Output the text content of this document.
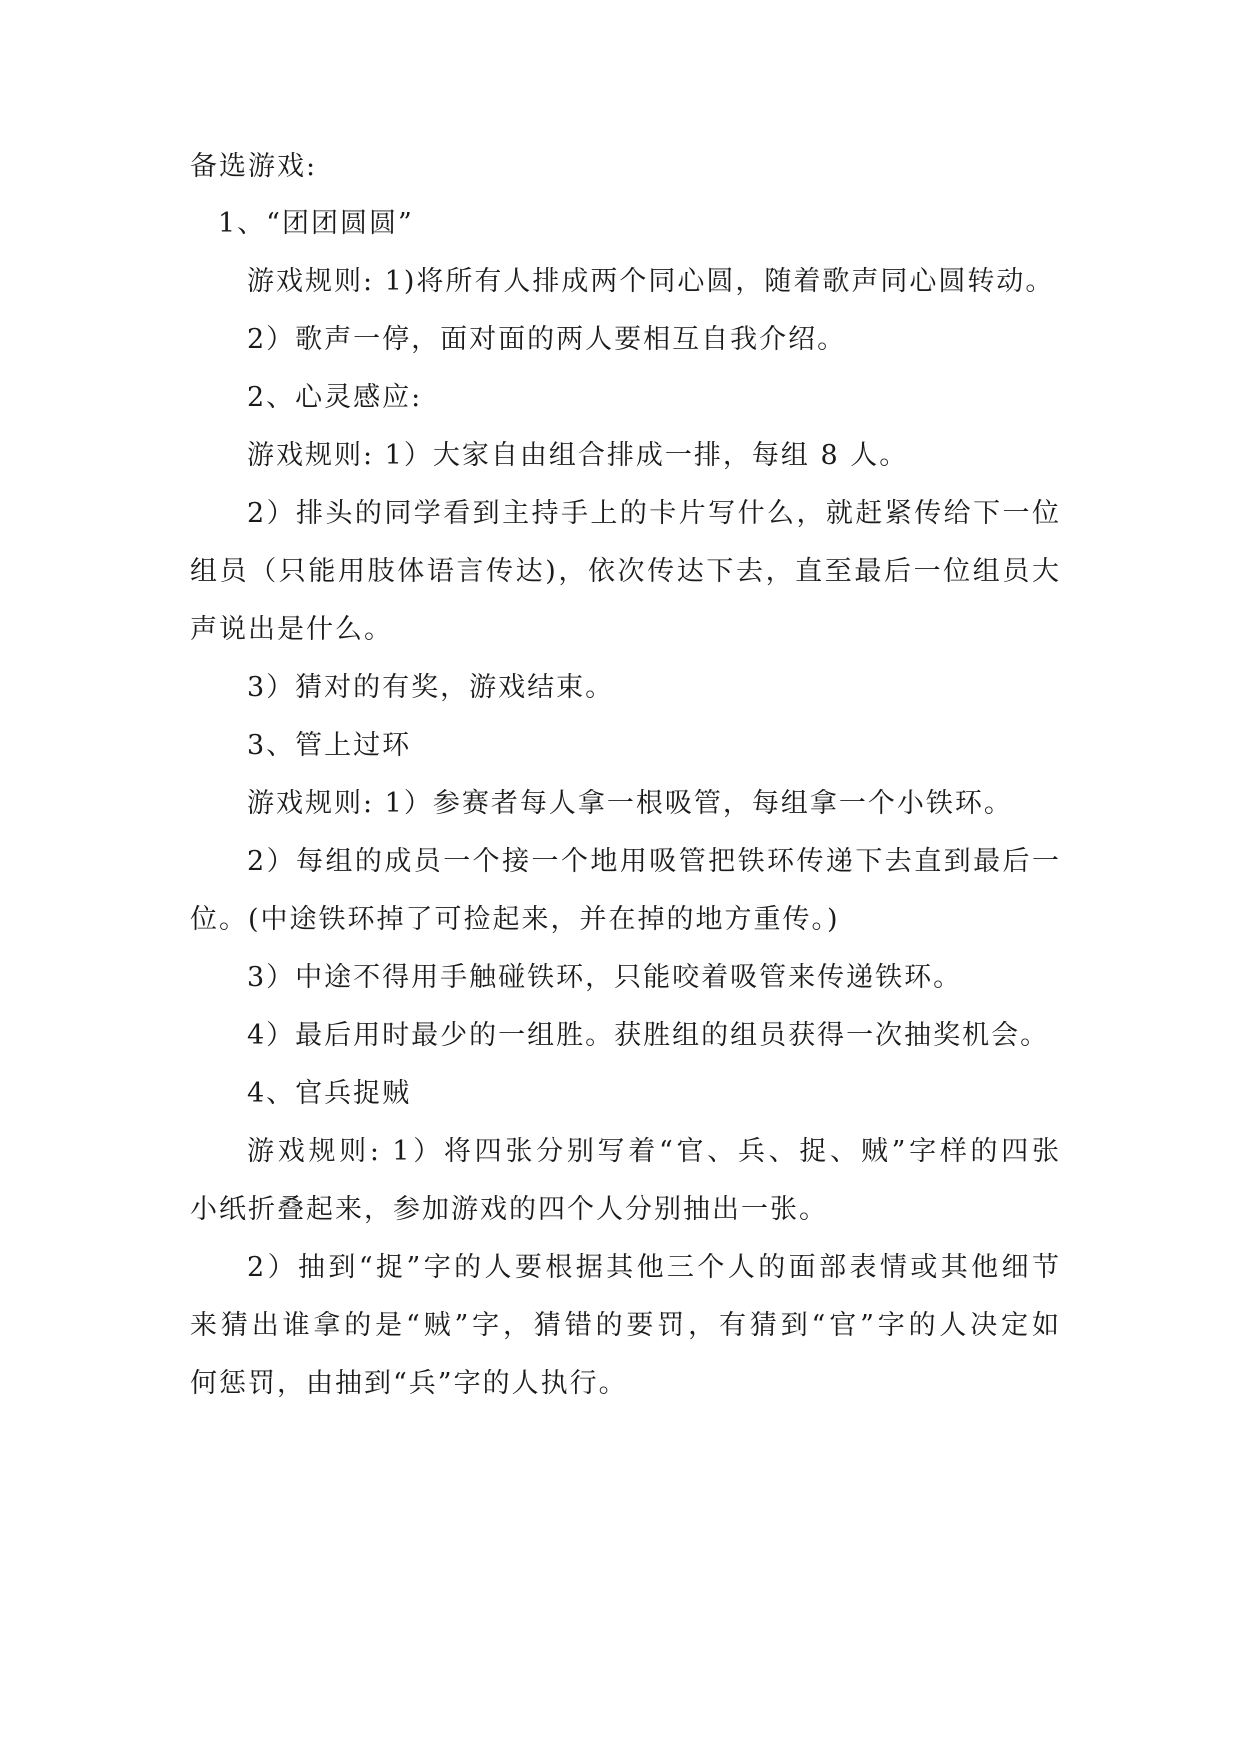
备选游戏:
1、“团团圆圆”
游戏规则: 1)将所有人排成两个同心圆，随着歌声同心圆转动。
2）歌声一停，面对面的两人要相互自我介绍。
2、心灵感应:
游戏规则: 1）大家自由组合排成一排，每组 8 人。
2）排头的同学看到主持手上的卡片写什么，就赶紧传给下一位
组员（只能用肢体语言传达)，依次传达下去，直至最后一位组员大
声说出是什么。
3）猜对的有奖，游戏结束。
3、管上过环
游戏规则: 1）参赛者每人拿一根吸管，每组拿一个小铁环。
2）每组的成员一个接一个地用吸管把铁环传递下去直到最后一
位。(中途铁环掉了可捡起来，并在掉的地方重传。)
3）中途不得用手触碰铁环，只能咬着吸管来传递铁环。
4）最后用时最少的一组胜。获胜组的组员获得一次抽奖机会。
4、官兵捉贼
游戏规则: 1）将四张分别写着“官、兵、捉、贼”字样的四张
小纸折叠起来，参加游戏的四个人分别抽出一张。
2）抽到“捉”字的人要根据其他三个人的面部表情或其他细节
来猜出谁拿的是“贼”字，猜错的要罚，有猜到“官”字的人决定如
何惩罚，由抽到“兵”字的人执行。
